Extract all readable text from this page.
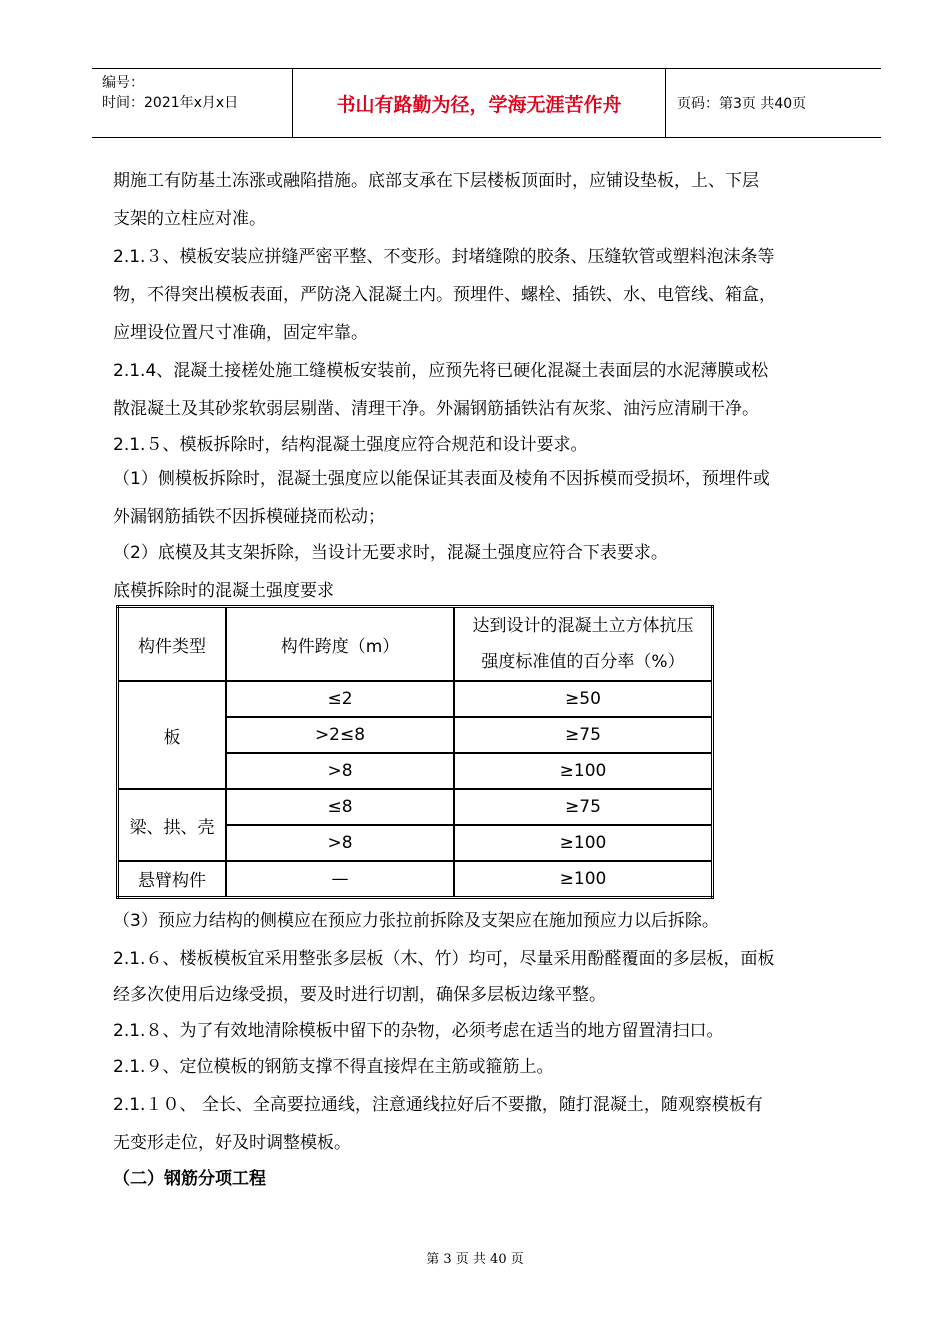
编号：
时间：2021年x月x日	书山有路勤为径，学海无涯苦作舟	页码：第3页 共40页
期施工有防基土冻涨或融陷措施。底部支承在下层楼板顶面时，应铺设垫板，上、下层
支架的立柱应对准。
2.1.３、模板安装应拼缝严密平整、不变形。封堵缝隙的胶条、压缝软管或塑料泡沫条等
物，不得突出模板表面，严防浇入混凝土内。预埋件、螺栓、插铁、水、电管线、箱盒，
应埋设位置尺寸准确，固定牢靠。
2.1.4、混凝土接槎处施工缝模板安装前，应预先将已硬化混凝土表面层的水泥薄膜或松
散混凝土及其砂浆软弱层剔凿、清理干净。外漏钢筋插铁沾有灰浆、油污应清刷干净。
2.1.５、模板拆除时，结构混凝土强度应符合规范和设计要求。
（1）侧模板拆除时，混凝土强度应以能保证其表面及棱角不因拆模而受损坏，预埋件或
外漏钢筋插铁不因拆模碰挠而松动；
（2）底模及其支架拆除，当设计无要求时，混凝土强度应符合下表要求。
底模拆除时的混凝土强度要求
构件类型	构件跨度（m）	达到设计的混凝土立方体抗压
强度标准值的百分率（%）

板	≤2	≥50
	>2≤8	≥75
	>8	≥100
梁、拱、壳	≤8	≥75
	>8	≥100
悬臂构件	—	≥100
（3）预应力结构的侧模应在预应力张拉前拆除及支架应在施加预应力以后拆除。
2.1.６、楼板模板宜采用整张多层板（木、竹）均可，尽量采用酚醛覆面的多层板，面板
经多次使用后边缘受损，要及时进行切割，确保多层板边缘平整。
2.1.８、为了有效地清除模板中留下的杂物，必须考虑在适当的地方留置清扫口。
2.1.９、定位模板的钢筋支撑不得直接焊在主筋或箍筋上。
2.1.１０、 全长、全高要拉通线，注意通线拉好后不要撒，随打混凝土，随观察模板有
无变形走位，好及时调整模板。
（二）钢筋分项工程
第 3 页 共 40 页
